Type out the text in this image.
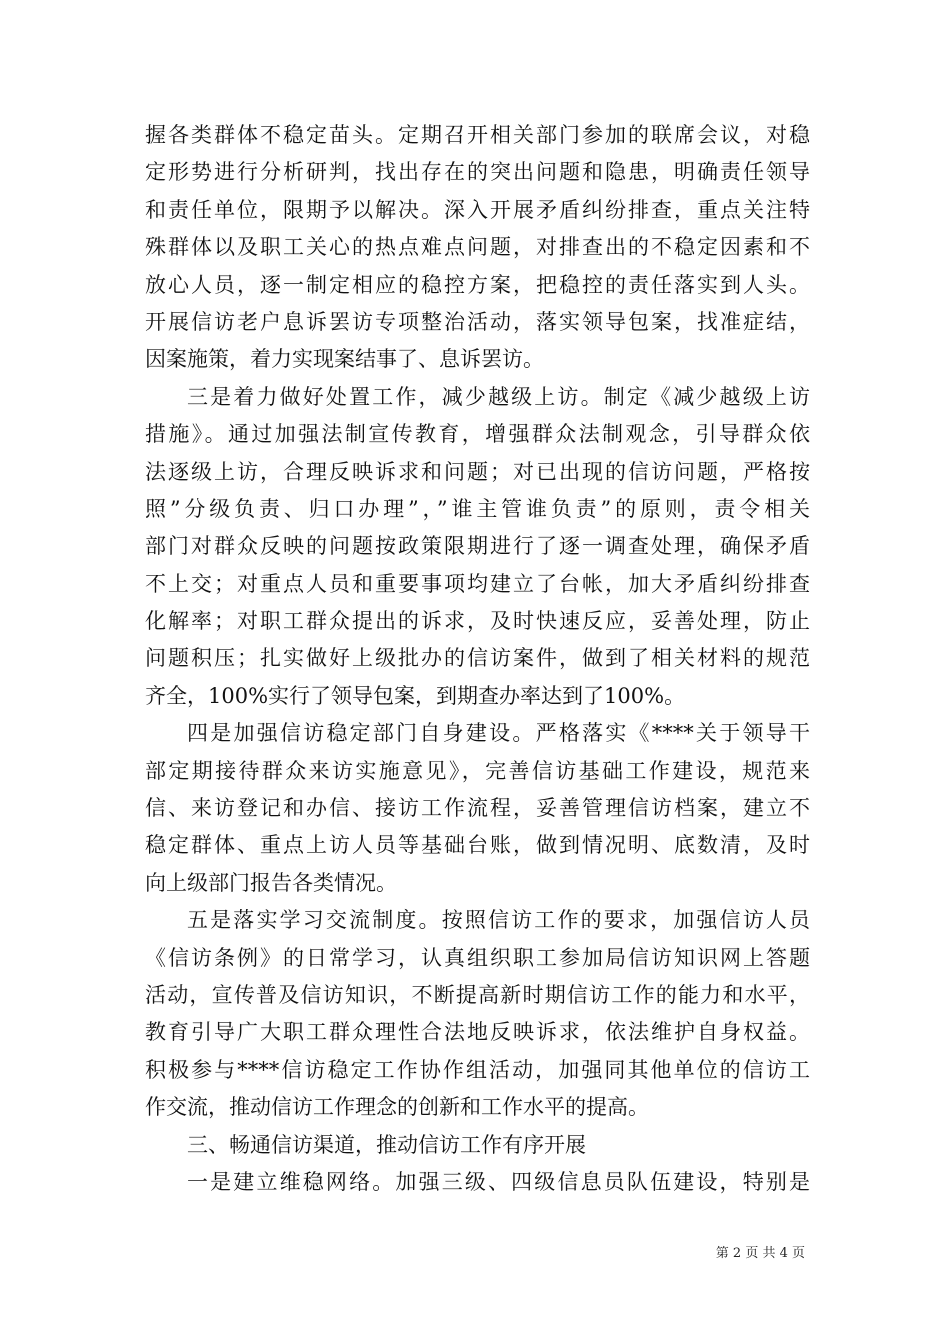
握各类群体不稳定苗头。定期召开相关部门参加的联席会议，对稳
定形势进行分析研判，找出存在的突出问题和隐患，明确责任领导
和责任单位，限期予以解决。深入开展矛盾纠纷排查，重点关注特
殊群体以及职工关心的热点难点问题，对排查出的不稳定因素和不
放心人员，逐一制定相应的稳控方案，把稳控的责任落实到人头。
开展信访老户息诉罢访专项整治活动，落实领导包案，找准症结，
因案施策，着力实现案结事了、息诉罢访。
三是着力做好处置工作，减少越级上访。制定《减少越级上访
措施》。通过加强法制宣传教育，增强群众法制观念，引导群众依
法逐级上访，合理反映诉求和问题；对已出现的信访问题，严格按
照”分级负责、归口办理”，”谁主管谁负责”的原则，责令相关
部门对群众反映的问题按政策限期进行了逐一调查处理，确保矛盾
不上交；对重点人员和重要事项均建立了台帐，加大矛盾纠纷排查
化解率；对职工群众提出的诉求，及时快速反应，妥善处理，防止
问题积压；扎实做好上级批办的信访案件，做到了相关材料的规范
齐全，100%实行了领导包案，到期查办率达到了100%。
四是加强信访稳定部门自身建设。严格落实《****关于领导干
部定期接待群众来访实施意见》，完善信访基础工作建设，规范来
信、来访登记和办信、接访工作流程，妥善管理信访档案，建立不
稳定群体、重点上访人员等基础台账，做到情况明、底数清，及时
向上级部门报告各类情况。
五是落实学习交流制度。按照信访工作的要求，加强信访人员
《信访条例》的日常学习，认真组织职工参加局信访知识网上答题
活动，宣传普及信访知识，不断提高新时期信访工作的能力和水平，
教育引导广大职工群众理性合法地反映诉求，依法维护自身权益。
积极参与****信访稳定工作协作组活动，加强同其他单位的信访工
作交流，推动信访工作理念的创新和工作水平的提高。
三、畅通信访渠道，推动信访工作有序开展
一是建立维稳网络。加强三级、四级信息员队伍建设，特别是
第 2 页 共 4 页
